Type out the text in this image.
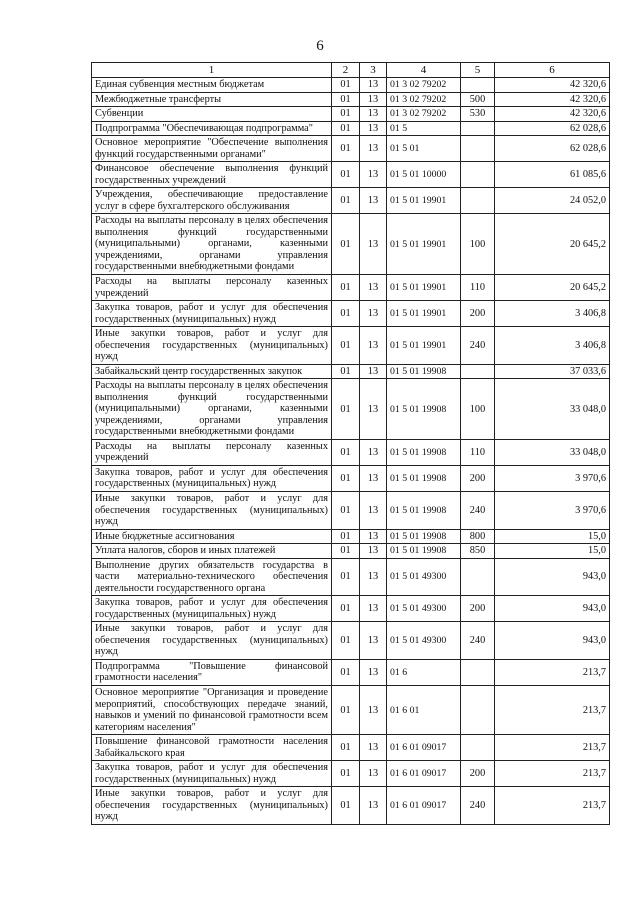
6
1	2	3	4	5	6
Единая субвенция местным бюджетам	01	13	01 3 02 79202		42 320,6
Межбюджетные трансферты	01	13	01 3 02 79202	500	42 320,6
Субвенции	01	13	01 3 02 79202	530	42 320,6
Подпрограмма "Обеспечивающая подпрограмма"	01	13	01 5		62 028,6
Основное мероприятие "Обеспечение выполнения функций государственными органами"	01	13	01 5 01		62 028,6
Финансовое обеспечение выполнения функций государственных учреждений	01	13	01 5 01 10000		61 085,6
Учреждения, обеспечивающие предоставление услуг в сфере бухгалтерского обслуживания	01	13	01 5 01 19901		24 052,0
Расходы на выплаты персоналу в целях обеспечения выполнения функций государственными (муниципальными) органами, казенными учреждениями, органами управления государственными внебюджетными фондами	01	13	01 5 01 19901	100	20 645,2
Расходы на выплаты персоналу казенных учреждений	01	13	01 5 01 19901	110	20 645,2
Закупка товаров, работ и услуг для обеспечения государственных (муниципальных) нужд	01	13	01 5 01 19901	200	3 406,8
Иные закупки товаров, работ и услуг для обеспечения государственных (муниципальных) нужд	01	13	01 5 01 19901	240	3 406,8
Забайкальский центр государственных закупок	01	13	01 5 01 19908		37 033,6
Расходы на выплаты персоналу в целях обеспечения выполнения функций государственными (муниципальными) органами, казенными учреждениями, органами управления государственными внебюджетными фондами	01	13	01 5 01 19908	100	33 048,0
Расходы на выплаты персоналу казенных учреждений	01	13	01 5 01 19908	110	33 048,0
Закупка товаров, работ и услуг для обеспечения государственных (муниципальных) нужд	01	13	01 5 01 19908	200	3 970,6
Иные закупки товаров, работ и услуг для обеспечения государственных (муниципальных) нужд	01	13	01 5 01 19908	240	3 970,6
Иные бюджетные ассигнования	01	13	01 5 01 19908	800	15,0
Уплата налогов, сборов и иных платежей	01	13	01 5 01 19908	850	15,0
Выполнение других обязательств государства в части материально-технического обеспечения деятельности государственного органа	01	13	01 5 01 49300		943,0
Закупка товаров, работ и услуг для обеспечения государственных (муниципальных) нужд	01	13	01 5 01 49300	200	943,0
Иные закупки товаров, работ и услуг для обеспечения государственных (муниципальных) нужд	01	13	01 5 01 49300	240	943,0
Подпрограмма "Повышение финансовой грамотности населения"	01	13	01 6		213,7
Основное мероприятие "Организация и проведение мероприятий, способствующих передаче знаний, навыков и умений по финансовой грамотности всем категориям населения"	01	13	01 6 01		213,7
Повышение финансовой грамотности населения Забайкальского края	01	13	01 6 01 09017		213,7
Закупка товаров, работ и услуг для обеспечения государственных (муниципальных) нужд	01	13	01 6 01 09017	200	213,7
Иные закупки товаров, работ и услуг для обеспечения государственных (муниципальных) нужд	01	13	01 6 01 09017	240	213,7
